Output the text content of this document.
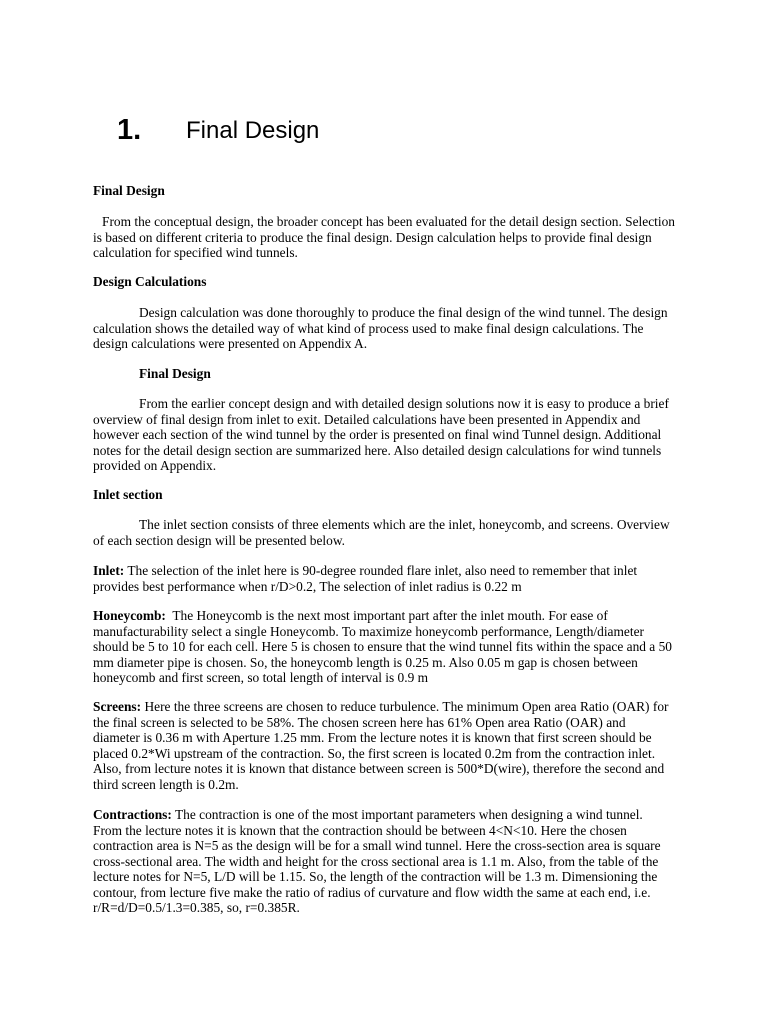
1. Final Design

Final Design

From the conceptual design, the broader concept has been evaluated for the detail design section. Selection is based on different criteria to produce the final design. Design calculation helps to provide final design calculation for specified wind tunnels.

Design Calculations

Design calculation was done thoroughly to produce the final design of the wind tunnel. The design calculation shows the detailed way of what kind of process used to make final design calculations. The design calculations were presented on Appendix A.

Final Design

From the earlier concept design and with detailed design solutions now it is easy to produce a brief overview of final design from inlet to exit. Detailed calculations have been presented in Appendix and however each section of the wind tunnel by the order is presented on final wind Tunnel design. Additional notes for the detail design section are summarized here. Also detailed design calculations for wind tunnels provided on Appendix.

Inlet section

The inlet section consists of three elements which are the inlet, honeycomb, and screens. Overview of each section design will be presented below.

Inlet: The selection of the inlet here is 90-degree rounded flare inlet, also need to remember that inlet provides best performance when r/D>0.2, The selection of inlet radius is 0.22 m

Honeycomb: The Honeycomb is the next most important part after the inlet mouth. For ease of manufacturability select a single Honeycomb. To maximize honeycomb performance, Length/diameter should be 5 to 10 for each cell. Here 5 is chosen to ensure that the wind tunnel fits within the space and a 50 mm diameter pipe is chosen. So, the honeycomb length is 0.25 m. Also 0.05 m gap is chosen between honeycomb and first screen, so total length of interval is 0.9 m

Screens: Here the three screens are chosen to reduce turbulence. The minimum Open area Ratio (OAR) for the final screen is selected to be 58%. The chosen screen here has 61% Open area Ratio (OAR) and diameter is 0.36 m with Aperture 1.25 mm. From the lecture notes it is known that first screen should be placed 0.2*Wi upstream of the contraction. So, the first screen is located 0.2m from the contraction inlet. Also, from lecture notes it is known that distance between screen is 500*D(wire), therefore the second and third screen length is 0.2m.

Contractions: The contraction is one of the most important parameters when designing a wind tunnel. From the lecture notes it is known that the contraction should be between 4<N<10. Here the chosen contraction area is N=5 as the design will be for a small wind tunnel. Here the cross-section area is square cross-sectional area. The width and height for the cross sectional area is 1.1 m. Also, from the table of the lecture notes for N=5, L/D will be 1.15. So, the length of the contraction will be 1.3 m. Dimensioning the contour, from lecture five make the ratio of radius of curvature and flow width the same at each end, i.e. r/R=d/D=0.5/1.3=0.385, so, r=0.385R.
